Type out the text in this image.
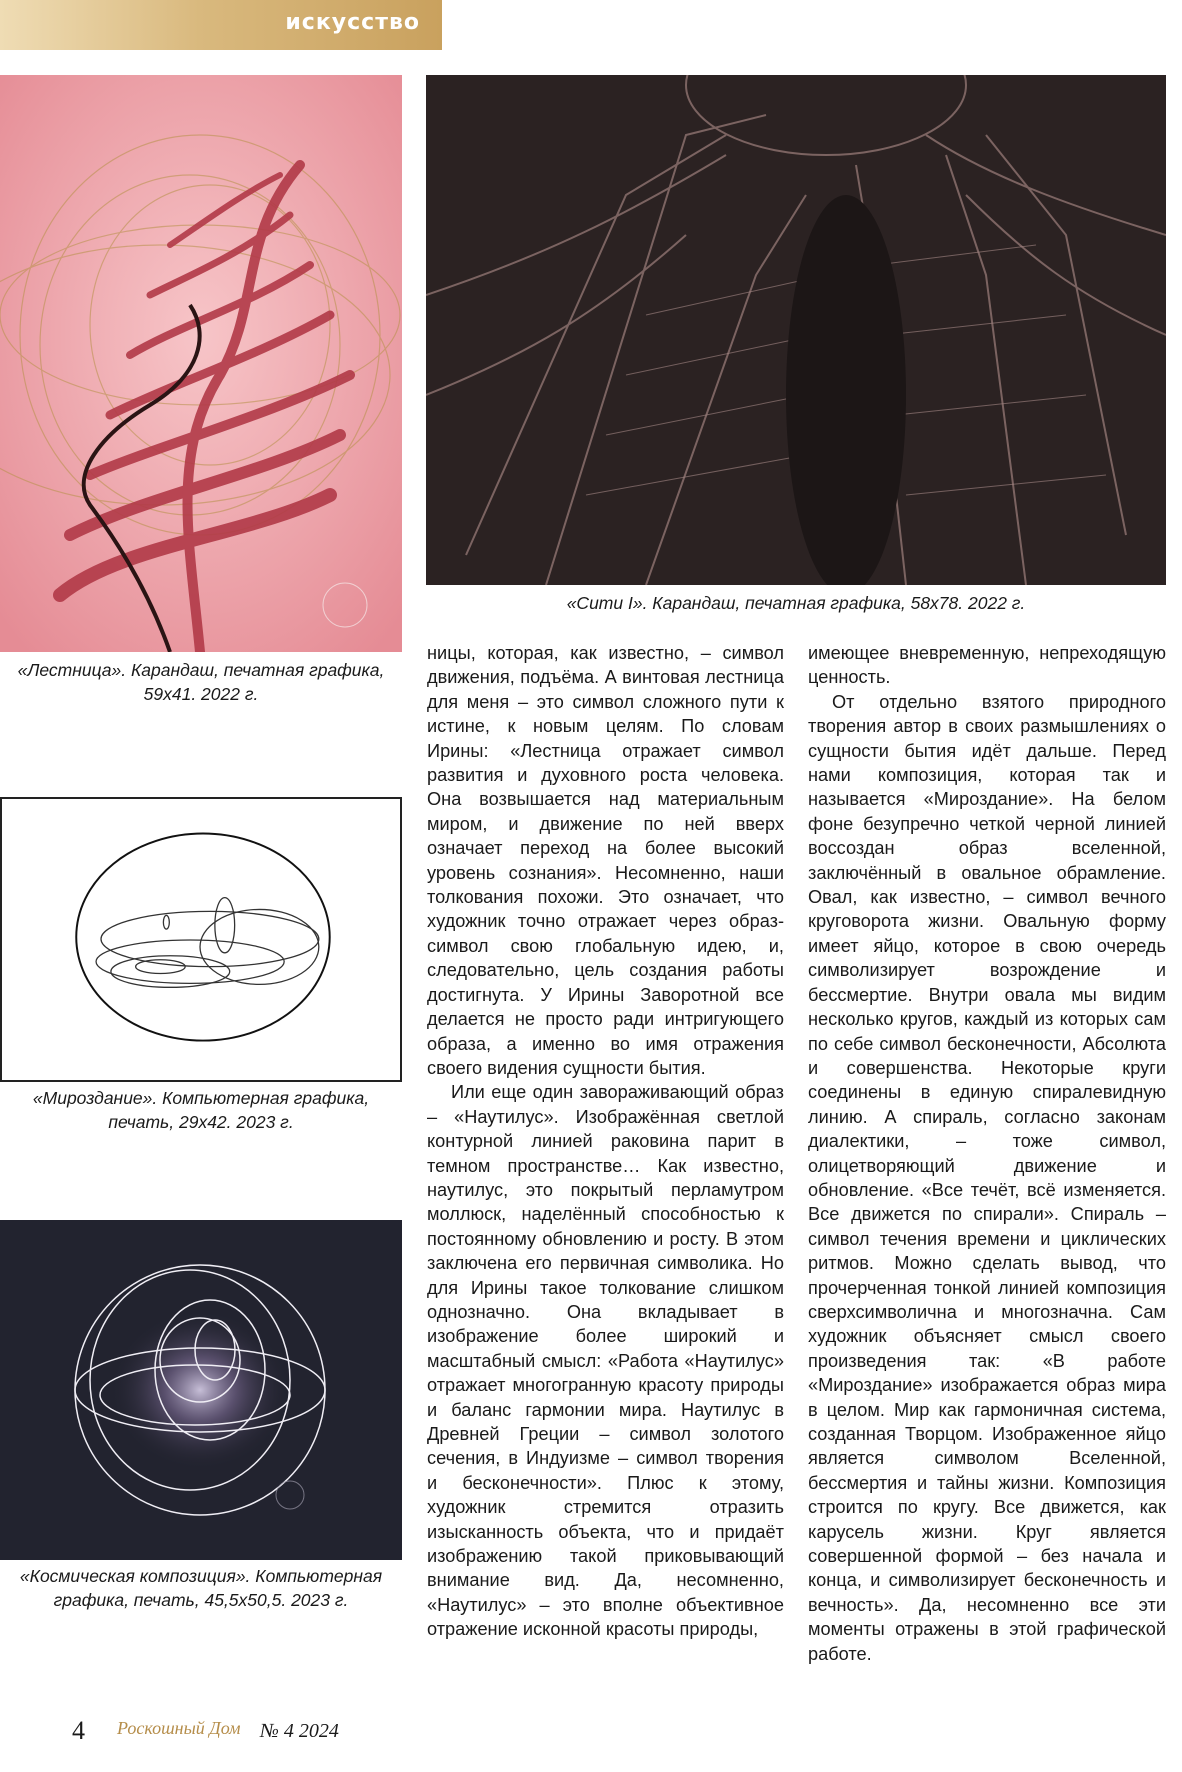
искусство
«Лестница». Карандаш, печатная графика,
59х41. 2022 г.
«Сити I». Карандаш, печатная графика, 58х78. 2022 г.
«Мироздание». Компьютерная графика,
печать, 29х42. 2023 г.
«Космическая композиция». Компьютерная
графика, печать, 45,5х50,5. 2023 г.

ницы, которая, как известно, – символ движения, подъёма. А винтовая лестница для меня – это символ сложного пути к истине, к новым целям. По словам Ирины: «Лестница отражает символ развития и духовного роста человека. Она возвышается над материальным миром, и движение по ней вверх означает переход на более высокий уровень сознания». Несомненно, наши толкования похожи. Это означает, что художник точно отражает через образ-символ свою глобальную идею, и, следовательно, цель создания работы достигнута. У Ирины Заворотной все делается не просто ради интригующего образа, а именно во имя отражения своего видения сущности бытия.

Или еще один завораживающий образ – «Наутилус». Изображённая светлой контурной линией раковина парит в темном пространстве… Как известно, наутилус, это покрытый перламутром моллюск, наделённый способностью к постоянному обновлению и росту. В этом заключена его первичная символика. Но для Ирины такое толкование слишком однозначно. Она вкладывает в изображение более широкий и масштабный смысл: «Работа «Наутилус» отражает многогранную красоту природы и баланс гармонии мира. Наутилус в Древней Греции – символ золотого сечения, в Индуизме – символ творения и бесконечности». Плюс к этому, художник стремится отразить изысканность объекта, что и придаёт изображению такой приковывающий внимание вид. Да, несомненно, «Наутилус» – это вполне объективное отражение исконной красоты природы,

имеющее вневременную, непреходящую ценность.

От отдельно взятого природного творения автор в своих размышлениях о сущности бытия идёт дальше. Перед нами композиция, которая так и называется «Мироздание». На белом фоне безупречно четкой черной линией воссоздан образ вселенной, заключённый в овальное обрамление. Овал, как известно, – символ вечного круговорота жизни. Овальную форму имеет яйцо, которое в свою очередь символизирует возрождение и бессмертие. Внутри овала мы видим несколько кругов, каждый из которых сам по себе символ бесконечности, Абсолюта и совершенства. Некоторые круги соединены в единую спиралевидную линию. А спираль, согласно законам диалектики, – тоже символ, олицетворяющий движение и обновление. «Все течёт, всё изменяется. Все движется по спирали». Спираль – символ течения времени и циклических ритмов. Можно сделать вывод, что прочерченная тонкой линией композиция сверхсимволична и многозначна. Сам художник объясняет смысл своего произведения так: «В работе «Мироздание» изображается образ мира в целом. Мир как гармоничная система, созданная Творцом. Изображенное яйцо является символом Вселенной, бессмертия и тайны жизни. Композиция строится по кругу. Все движется, как карусель жизни. Круг является совершенной формой – без начала и конца, и символизирует бесконечность и вечность». Да, несомненно все эти моменты отражены в этой графической работе.

4 Роскошный Дом № 4 2024
